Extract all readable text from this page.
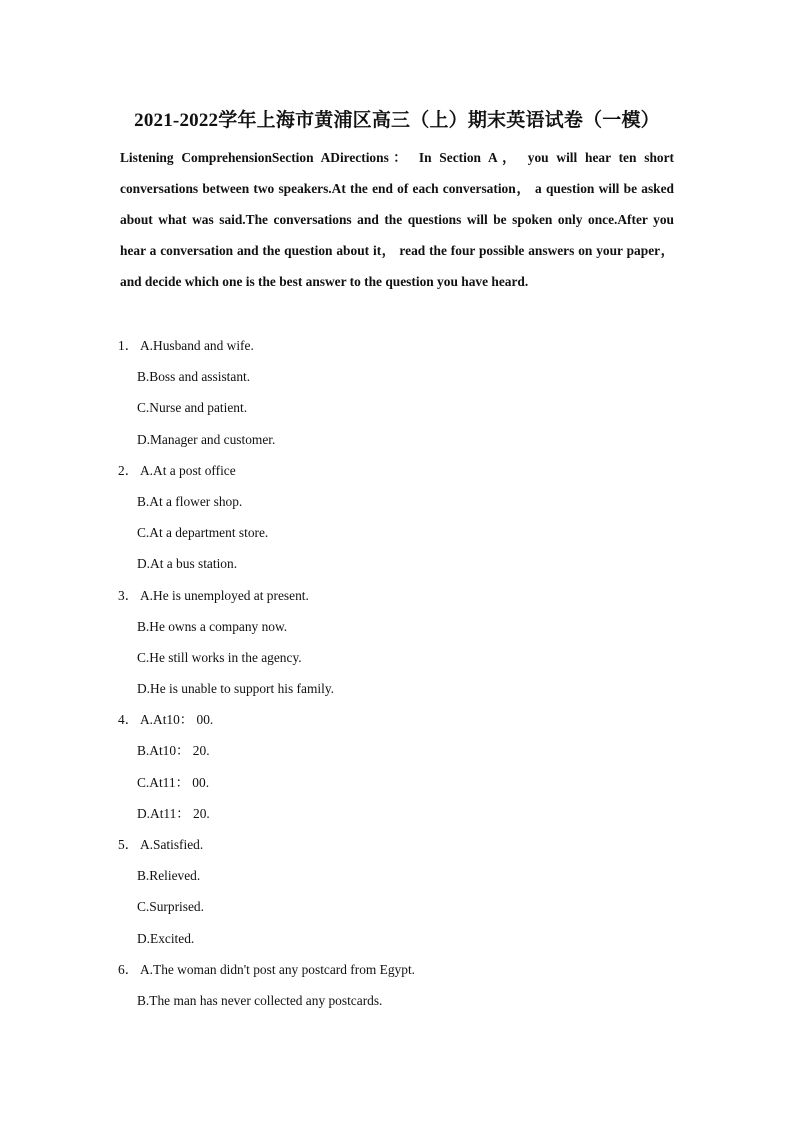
2021-2022学年上海市黄浦区高三（上）期末英语试卷（一模）
Listening ComprehensionSection ADirections： In Section A， you will hear ten short conversations between two speakers.At the end of each conversation， a question will be asked about what was said.The conversations and the questions will be spoken only once.After you hear a conversation and the question about it， read the four possible answers on your paper，and decide which one is the best answer to the question you have heard.
1． A.Husband and wife.
B.Boss and assistant.
C.Nurse and patient.
D.Manager and customer.
2． A.At a post office
B.At a flower shop.
C.At a department store.
D.At a bus station.
3． A.He is unemployed at present.
B.He owns a company now.
C.He still works in the agency.
D.He is unable to support his family.
4． A.At10： 00.
B.At10： 20.
C.At11： 00.
D.At11： 20.
5． A.Satisfied.
B.Relieved.
C.Surprised.
D.Excited.
6． A.The woman didn't post any postcard from Egypt.
B.The man has never collected any postcards.
